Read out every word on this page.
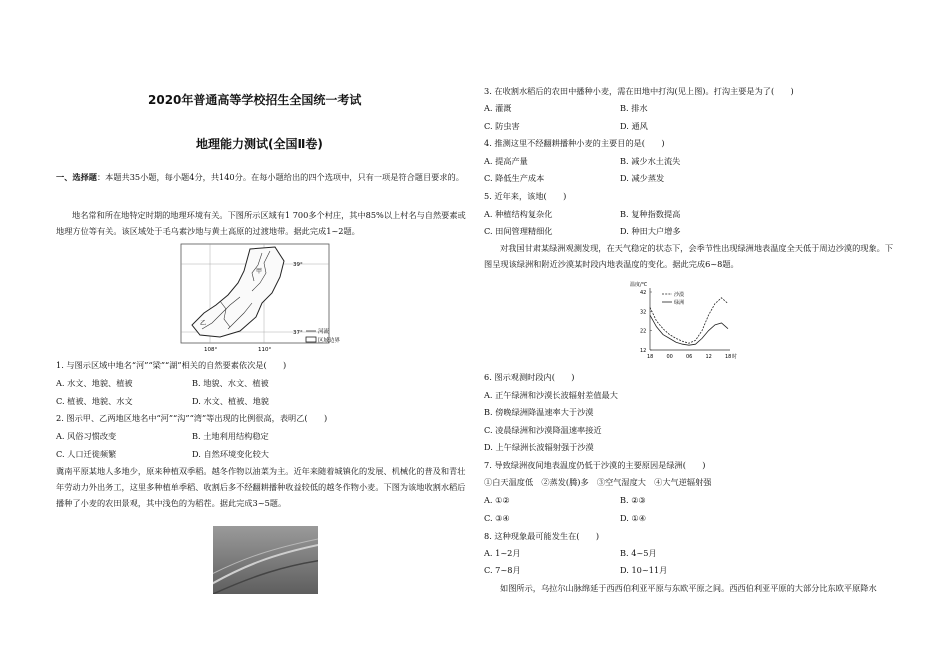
2020年普通高等学校招生全国统一考试
地理能力测试(全国Ⅱ卷)
一、选择题：本题共35小题，每小题4分，共140分。在每小题给出的四个选项中，只有一项是符合题目要求的。
地名常和所在地特定时期的地理环境有关。下图所示区域有1 700多个村庄，其中85%以上村名与自然要素或地理方位等有关。该区域处于毛乌素沙地与黄土高原的过渡地带。据此完成1~2题。
乙
甲
39°
37°
108°	110°
河流
区域边界
1. 与图示区域中地名“河”“梁”“湖”相关的自然要素依次是(　　)
A. 水文、地貌、植被	B. 地貌、水文、植被
C. 植被、地貌、水文	D. 水文、植被、地貌
2. 图示甲、乙两地区地名中“河”“沟”“湾”等出现的比例很高，表明乙(　　)
A. 风俗习惯改变	B. 土地利用结构稳定
C. 人口迁徙频繁	D. 自然环境变化较大
冀南平原某地人多地少，原来种植双季稻。越冬作物以油菜为主。近年来随着城镇化的发展、机械化的普及和青壮年劳动力外出务工，这里多种植单季稻、收割后多不经翻耕播种收益较低的越冬作物小麦。下图为该地收割水稻后播种了小麦的农田景观，其中浅色的为稻茬。据此完成3~5题。
3. 在收割水稻后的农田中播种小麦，需在田地中打沟(见上图)。打沟主要是为了(　　)
A. 灌溉	B. 排水
C. 防虫害	D. 通风
4. 推测这里不经翻耕播种小麦的主要目的是(　　)
A. 提高产量	B. 减少水土流失
C. 降低生产成本	D. 减少蒸发
5. 近年来，该地(　　)
A. 种植结构复杂化	B. 复种指数提高
C. 田间管理精细化	D. 种田大户增多
对我国甘肃某绿洲观测发现，在天气稳定的状态下，会季节性出现绿洲地表温度全天低于周边沙漠的现象。下图呈现该绿洲和附近沙漠某时段内地表温度的变化。据此完成6~8题。
温度/℃
12
22
32
42
18	00	06	12	18 时
沙漠
绿洲
6. 图示观测时段内(　　)
A. 正午绿洲和沙漠长波辐射差值最大
B. 傍晚绿洲降温速率大于沙漠
C. 凌晨绿洲和沙漠降温速率接近
D. 上午绿洲长波辐射强于沙漠
7. 导致绿洲夜间地表温度仍低于沙漠的主要原因是绿洲(　　)
①白天温度低　②蒸发(腾)多　③空气湿度大　④大气逆辐射强
A. ①②	B. ②③
C. ③④	D. ①④
8. 这种现象最可能发生在(　　)
A. 1~2月	B. 4~5月
C. 7~8月	D. 10~11月
如图所示，乌拉尔山脉绵延于西西伯利亚平原与东欧平原之间。西西伯利亚平原的大部分比东欧平原降水
